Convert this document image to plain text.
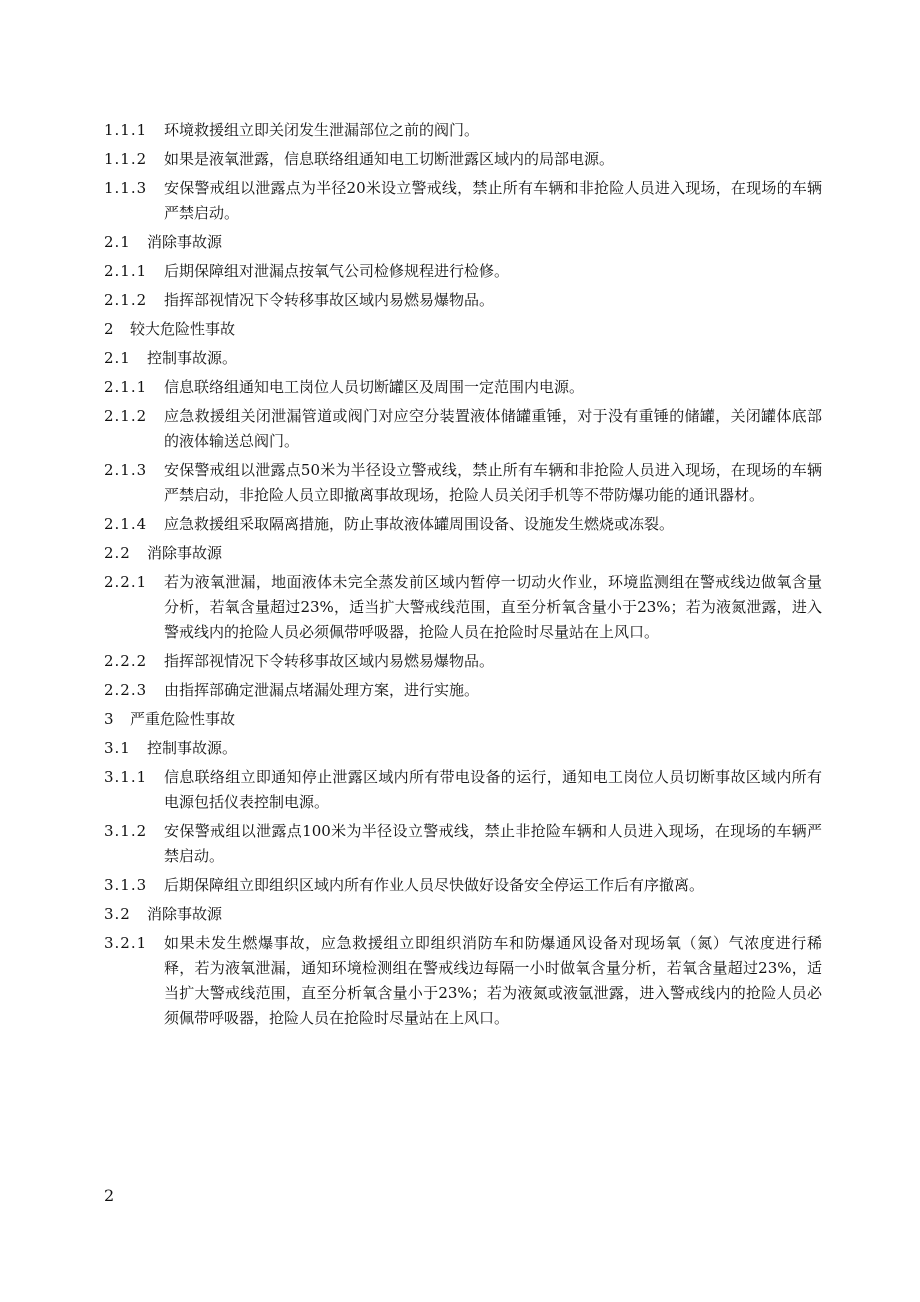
1.1.1	环境救援组立即关闭发生泄漏部位之前的阀门。
1.1.2	如果是液氧泄露，信息联络组通知电工切断泄露区域内的局部电源。
1.1.3	安保警戒组以泄露点为半径20米设立警戒线，禁止所有车辆和非抢险人员进入现场，在现场的车辆严禁启动。
2.1	消除事故源
2.1.1	后期保障组对泄漏点按氧气公司检修规程进行检修。
2.1.2	指挥部视情况下令转移事故区域内易燃易爆物品。
2	较大危险性事故
2.1	控制事故源。
2.1.1	信息联络组通知电工岗位人员切断罐区及周围一定范围内电源。
2.1.2	应急救援组关闭泄漏管道或阀门对应空分装置液体储罐重锤，对于没有重锤的储罐，关闭罐体底部的液体输送总阀门。
2.1.3	安保警戒组以泄露点50米为半径设立警戒线，禁止所有车辆和非抢险人员进入现场，在现场的车辆严禁启动，非抢险人员立即撤离事故现场，抢险人员关闭手机等不带防爆功能的通讯器材。
2.1.4	应急救援组采取隔离措施，防止事故液体罐周围设备、设施发生燃烧或冻裂。
2.2	消除事故源
2.2.1	若为液氧泄漏，地面液体未完全蒸发前区域内暂停一切动火作业，环境监测组在警戒线边做氧含量分析，若氧含量超过23%，适当扩大警戒线范围，直至分析氧含量小于23%；若为液氮泄露，进入警戒线内的抢险人员必须佩带呼吸器，抢险人员在抢险时尽量站在上风口。
2.2.2	指挥部视情况下令转移事故区域内易燃易爆物品。
2.2.3	由指挥部确定泄漏点堵漏处理方案，进行实施。
3	严重危险性事故
3.1	控制事故源。
3.1.1	信息联络组立即通知停止泄露区域内所有带电设备的运行，通知电工岗位人员切断事故区域内所有电源包括仪表控制电源。
3.1.2	安保警戒组以泄露点100米为半径设立警戒线，禁止非抢险车辆和人员进入现场，在现场的车辆严禁启动。
3.1.3	后期保障组立即组织区域内所有作业人员尽快做好设备安全停运工作后有序撤离。
3.2	消除事故源
3.2.1	如果未发生燃爆事故，应急救援组立即组织消防车和防爆通风设备对现场氧（氮）气浓度进行稀释，若为液氧泄漏，通知环境检测组在警戒线边每隔一小时做氧含量分析，若氧含量超过23%，适当扩大警戒线范围，直至分析氧含量小于23%；若为液氮或液氩泄露，进入警戒线内的抢险人员必须佩带呼吸器，抢险人员在抢险时尽量站在上风口。
2
